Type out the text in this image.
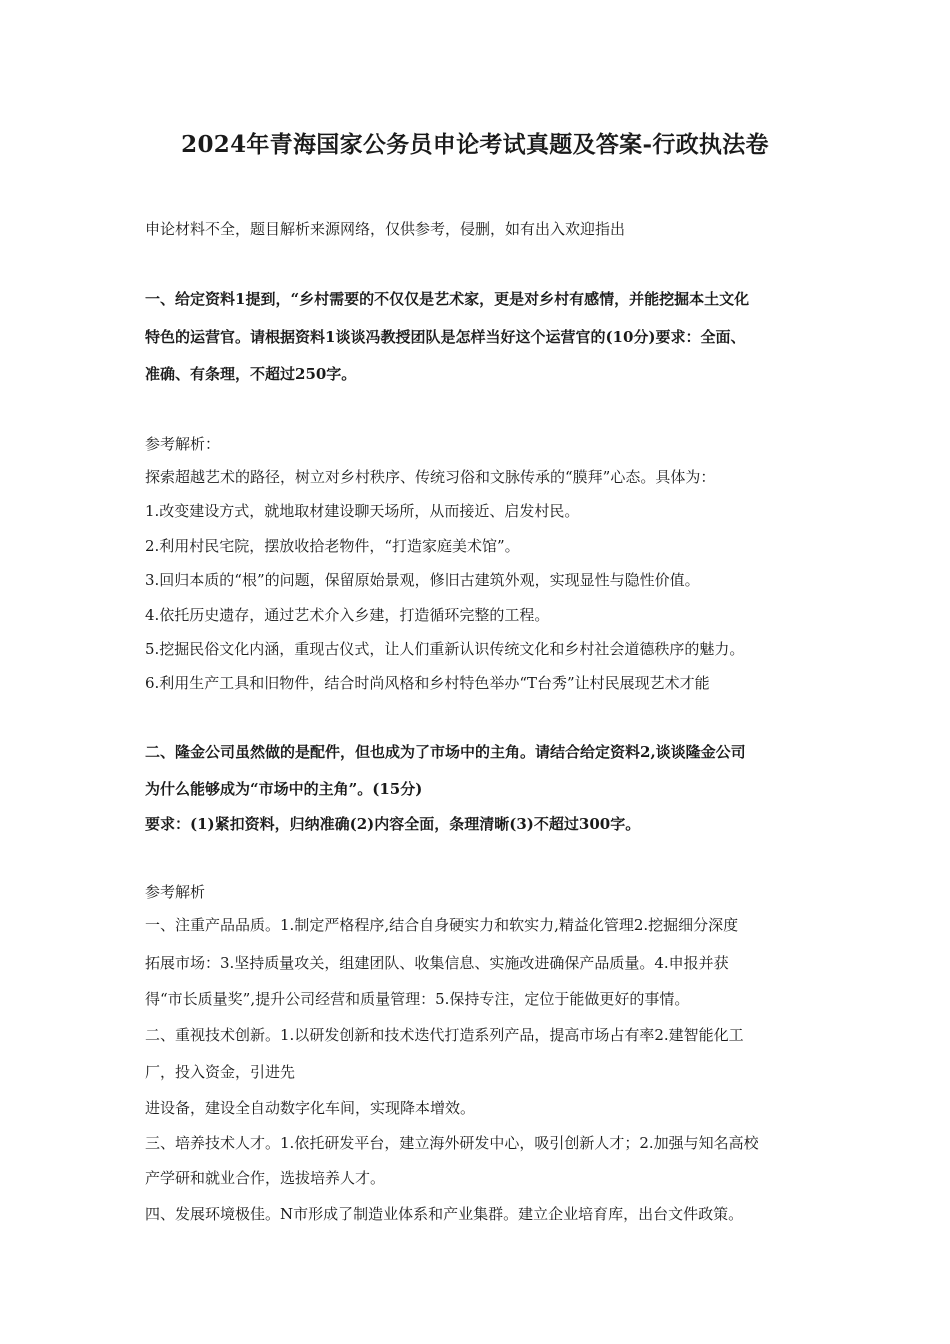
2024年青海国家公务员申论考试真题及答案-行政执法卷
申论材料不全，题目解析来源网络，仅供参考，侵删，如有出入欢迎指出
一、给定资料1提到，“乡村需要的不仅仅是艺术家，更是对乡村有感情，并能挖掘本土文化
特色的运营官。请根据资料1谈谈冯教授团队是怎样当好这个运营官的(10分)要求：全面、
准确、有条理，不超过250字。
参考解析：
探索超越艺术的路径，树立对乡村秩序、传统习俗和文脉传承的“膜拜”心态。具体为：
1.改变建设方式，就地取材建设聊天场所，从而接近、启发村民。
2.利用村民宅院，摆放收拾老物件，“打造家庭美术馆”。
3.回归本质的“根”的问题，保留原始景观，修旧古建筑外观，实现显性与隐性价值。
4.依托历史遗存，通过艺术介入乡建，打造循环完整的工程。
5.挖掘民俗文化内涵，重现古仪式，让人们重新认识传统文化和乡村社会道德秩序的魅力。
6.利用生产工具和旧物件，结合时尚风格和乡村特色举办“T台秀”让村民展现艺术才能
二、隆金公司虽然做的是配件，但也成为了市场中的主角。请结合给定资料2,谈谈隆金公司
为什么能够成为“市场中的主角”。(15分)
要求：(1)紧扣资料，归纳准确(2)内容全面，条理清晰(3)不超过300字。
参考解析
一、注重产品品质。1.制定严格程序,结合自身硬实力和软实力,精益化管理2.挖掘细分深度
拓展市场：3.坚持质量攻关，组建团队、收集信息、实施改进确保产品质量。4.申报并获
得“市长质量奖”,提升公司经营和质量管理：5.保持专注，定位于能做更好的事情。
二、重视技术创新。1.以研发创新和技术迭代打造系列产品，提高市场占有率2.建智能化工
厂，投入资金，引进先
进设备，建设全自动数字化车间，实现降本增效。
三、培养技术人才。1.依托研发平台，建立海外研发中心，吸引创新人才；2.加强与知名高校
产学研和就业合作，选拔培养人才。
四、发展环境极佳。N市形成了制造业体系和产业集群。建立企业培育库，出台文件政策。
